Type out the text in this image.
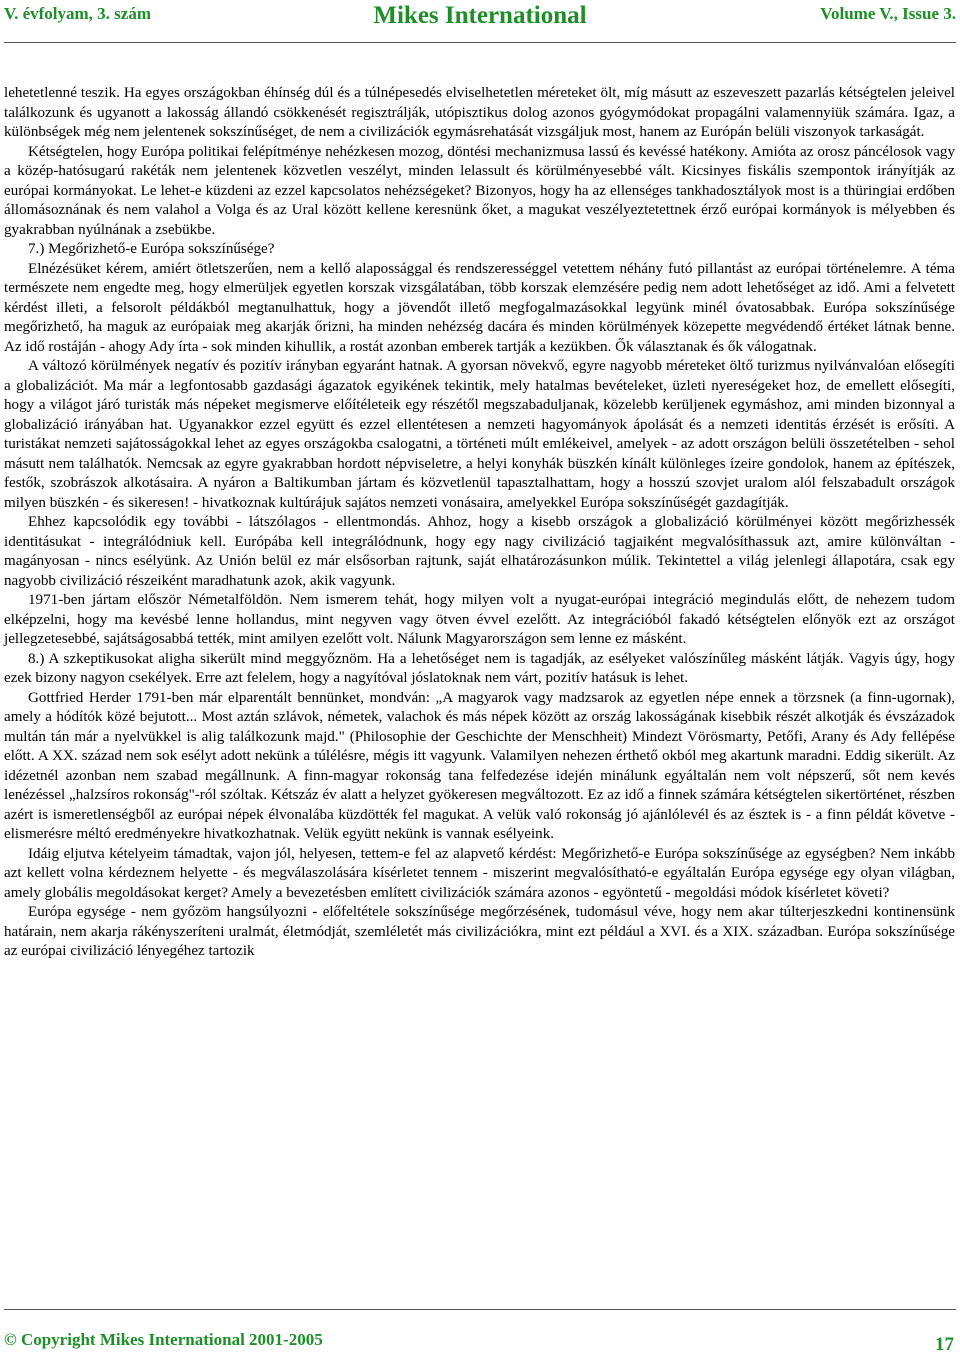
V. évfolyam, 3. szám	Mikes International	Volume V., Issue 3.

lehetetlenné teszik. Ha egyes országokban éhínség dúl és a túlnépesedés elviselhetetlen méreteket ölt, míg másutt az eszeveszett pazarlás kétségtelen jeleivel találkozunk és ugyanott a lakosság állandó csökkenését regisztrálják, utópisztikus dolog azonos gyógymódokat propagálni valamennyiük számára. Igaz, a különbségek még nem jelentenek sokszínűséget, de nem a civilizációk egymásrehatását vizsgáljuk most, hanem az Európán belüli viszonyok tarkaságát.

Kétségtelen, hogy Európa politikai felépítménye nehézkesen mozog, döntési mechanizmusa lassú és kevéssé hatékony. Amióta az orosz páncélosok vagy a közép-hatósugarú rakéták nem jelentenek közvetlen veszélyt, minden lelassult és körülményesebbé vált. Kicsinyes fiskális szempontok irányítják az európai kormányokat. Le lehet-e küzdeni az ezzel kapcsolatos nehézségeket? Bizonyos, hogy ha az ellenséges tankhadosztályok most is a thüringiai erdőben állomásoznának és nem valahol a Volga és az Ural között kellene keresnünk őket, a magukat veszélyeztetettnek érző európai kormányok is mélyebben és gyakrabban nyúlnának a zsebükbe.

7.) Megőrizhető-e Európa sokszínűsége?

Elnézésüket kérem, amiért ötletszerűen, nem a kellő alapossággal és rendszerességgel vetettem néhány futó pillantást az európai történelemre. A téma természete nem engedte meg, hogy elmerüljek egyetlen korszak vizsgálatában, több korszak elemzésére pedig nem adott lehetőséget az idő. Ami a felvetett kérdést illeti, a felsorolt példákból megtanulhattuk, hogy a jövendőt illető megfogalmazásokkal legyünk minél óvatosabbak. Európa sokszínűsége megőrizhető, ha maguk az európaiak meg akarják őrizni, ha minden nehézség dacára és minden körülmények közepette megvédendő értéket látnak benne. Az idő rostáján - ahogy Ady írta - sok minden kihullik, a rostát azonban emberek tartják a kezükben. Ők választanak és ők válogatnak.

A változó körülmények negatív és pozitív irányban egyaránt hatnak. A gyorsan növekvő, egyre nagyobb méreteket öltő turizmus nyilvánvalóan elősegíti a globalizációt. Ma már a legfontosabb gazdasági ágazatok egyikének tekintik, mely hatalmas bevételeket, üzleti nyereségeket hoz, de emellett elősegíti, hogy a világot járó turisták más népeket megismerve előítéleteik egy részétől megszabaduljanak, közelebb kerüljenek egymáshoz, ami minden bizonnyal a globalizáció irányában hat. Ugyanakkor ezzel együtt és ezzel ellentétesen a nemzeti hagyományok ápolását és a nemzeti identitás érzését is erősíti. A turistákat nemzeti sajátosságokkal lehet az egyes országokba csalogatni, a történeti múlt emlékeivel, amelyek - az adott országon belüli összetételben - sehol másutt nem találhatók. Nemcsak az egyre gyakrabban hordott népviseletre, a helyi konyhák büszkén kínált különleges ízeire gondolok, hanem az építészek, festők, szobrászok alkotásaira. A nyáron a Baltikumban jártam és közvetlenül tapasztalhattam, hogy a hosszú szovjet uralom alól felszabadult országok milyen büszkén - és sikeresen! - hivatkoznak kultúrájuk sajátos nemzeti vonásaira, amelyekkel Európa sokszínűségét gazdagítják.

Ehhez kapcsolódik egy további - látszólagos - ellentmondás. Ahhoz, hogy a kisebb országok a globalizáció körülményei között megőrizhessék identitásukat - integrálódniuk kell. Európába kell integrálódnunk, hogy egy nagy civilizáció tagjaiként megvalósíthassuk azt, amire különváltan - magányosan - nincs esélyünk. Az Unión belül ez már elsősorban rajtunk, saját elhatározásunkon múlik. Tekintettel a világ jelenlegi állapotára, csak egy nagyobb civilizáció részeiként maradhatunk azok, akik vagyunk.

1971-ben jártam először Németalföldön. Nem ismerem tehát, hogy milyen volt a nyugat-európai integráció megindulás előtt, de nehezem tudom elképzelni, hogy ma kevésbé lenne hollandus, mint negyven vagy ötven évvel ezelőtt. Az integrációból fakadó kétségtelen előnyök ezt az országot jellegzetesebbé, sajátságosabbá tették, mint amilyen ezelőtt volt. Nálunk Magyarországon sem lenne ez másként.

8.) A szkeptikusokat aligha sikerült mind meggyőznöm. Ha a lehetőséget nem is tagadják, az esélyeket valószínűleg másként látják. Vagyis úgy, hogy ezek bizony nagyon csekélyek. Erre azt felelem, hogy a nagyítóval jóslatoknak nem várt, pozitív hatásuk is lehet.

Gottfried Herder 1791-ben már elparentált bennünket, mondván: „A magyarok vagy madzsarok az egyetlen népe ennek a törzsnek (a finn-ugornak), amely a hódítók közé bejutott... Most aztán szlávok, németek, valachok és más népek között az ország lakosságának kisebbik részét alkotják és évszázadok multán tán már a nyelvükkel is alig találkozunk majd." (Philosophie der Geschichte der Menschheit) Mindezt Vörösmarty, Petőfi, Arany és Ady fellépése előtt. A XX. század nem sok esélyt adott nekünk a túlélésre, mégis itt vagyunk. Valamilyen nehezen érthető okból meg akartunk maradni. Eddig sikerült. Az idézetnél azonban nem szabad megállnunk. A finn-magyar rokonság tana felfedezése idején minálunk egyáltalán nem volt népszerű, sőt nem kevés lenézéssel „halzsíros rokonság"-ról szóltak. Kétszáz év alatt a helyzet gyökeresen megváltozott. Ez az idő a finnek számára kétségtelen sikertörténet, részben azért is ismeretlenségből az európai népek élvonalába küzdötték fel magukat. A velük való rokonság jó ajánlólevél és az észtek is - a finn példát követve - elismerésre méltó eredményekre hivatkozhatnak. Velük együtt nekünk is vannak esélyeink.

Idáig eljutva kételyeim támadtak, vajon jól, helyesen, tettem-e fel az alapvető kérdést: Megőrizhető-e Európa sokszínűsége az egységben? Nem inkább azt kellett volna kérdeznem helyette - és megválaszolására kísérletet tennem - miszerint megvalósítható-e egyáltalán Európa egysége egy olyan világban, amely globális megoldásokat kerget? Amely a bevezetésben említett civilizációk számára azonos - egyöntetű - megoldási módok kísérletet követi?

Európa egysége - nem győzöm hangsúlyozni - előfeltétele sokszínűsége megőrzésének, tudomásul véve, hogy nem akar túlterjeszkedni kontinensünk határain, nem akarja rákényszeríteni uralmát, életmódját, szemléletét más civilizációkra, mint ezt például a XVI. és a XIX. században. Európa sokszínűsége az európai civilizáció lényegéhez tartozik

© Copyright Mikes International 2001-2005	17
